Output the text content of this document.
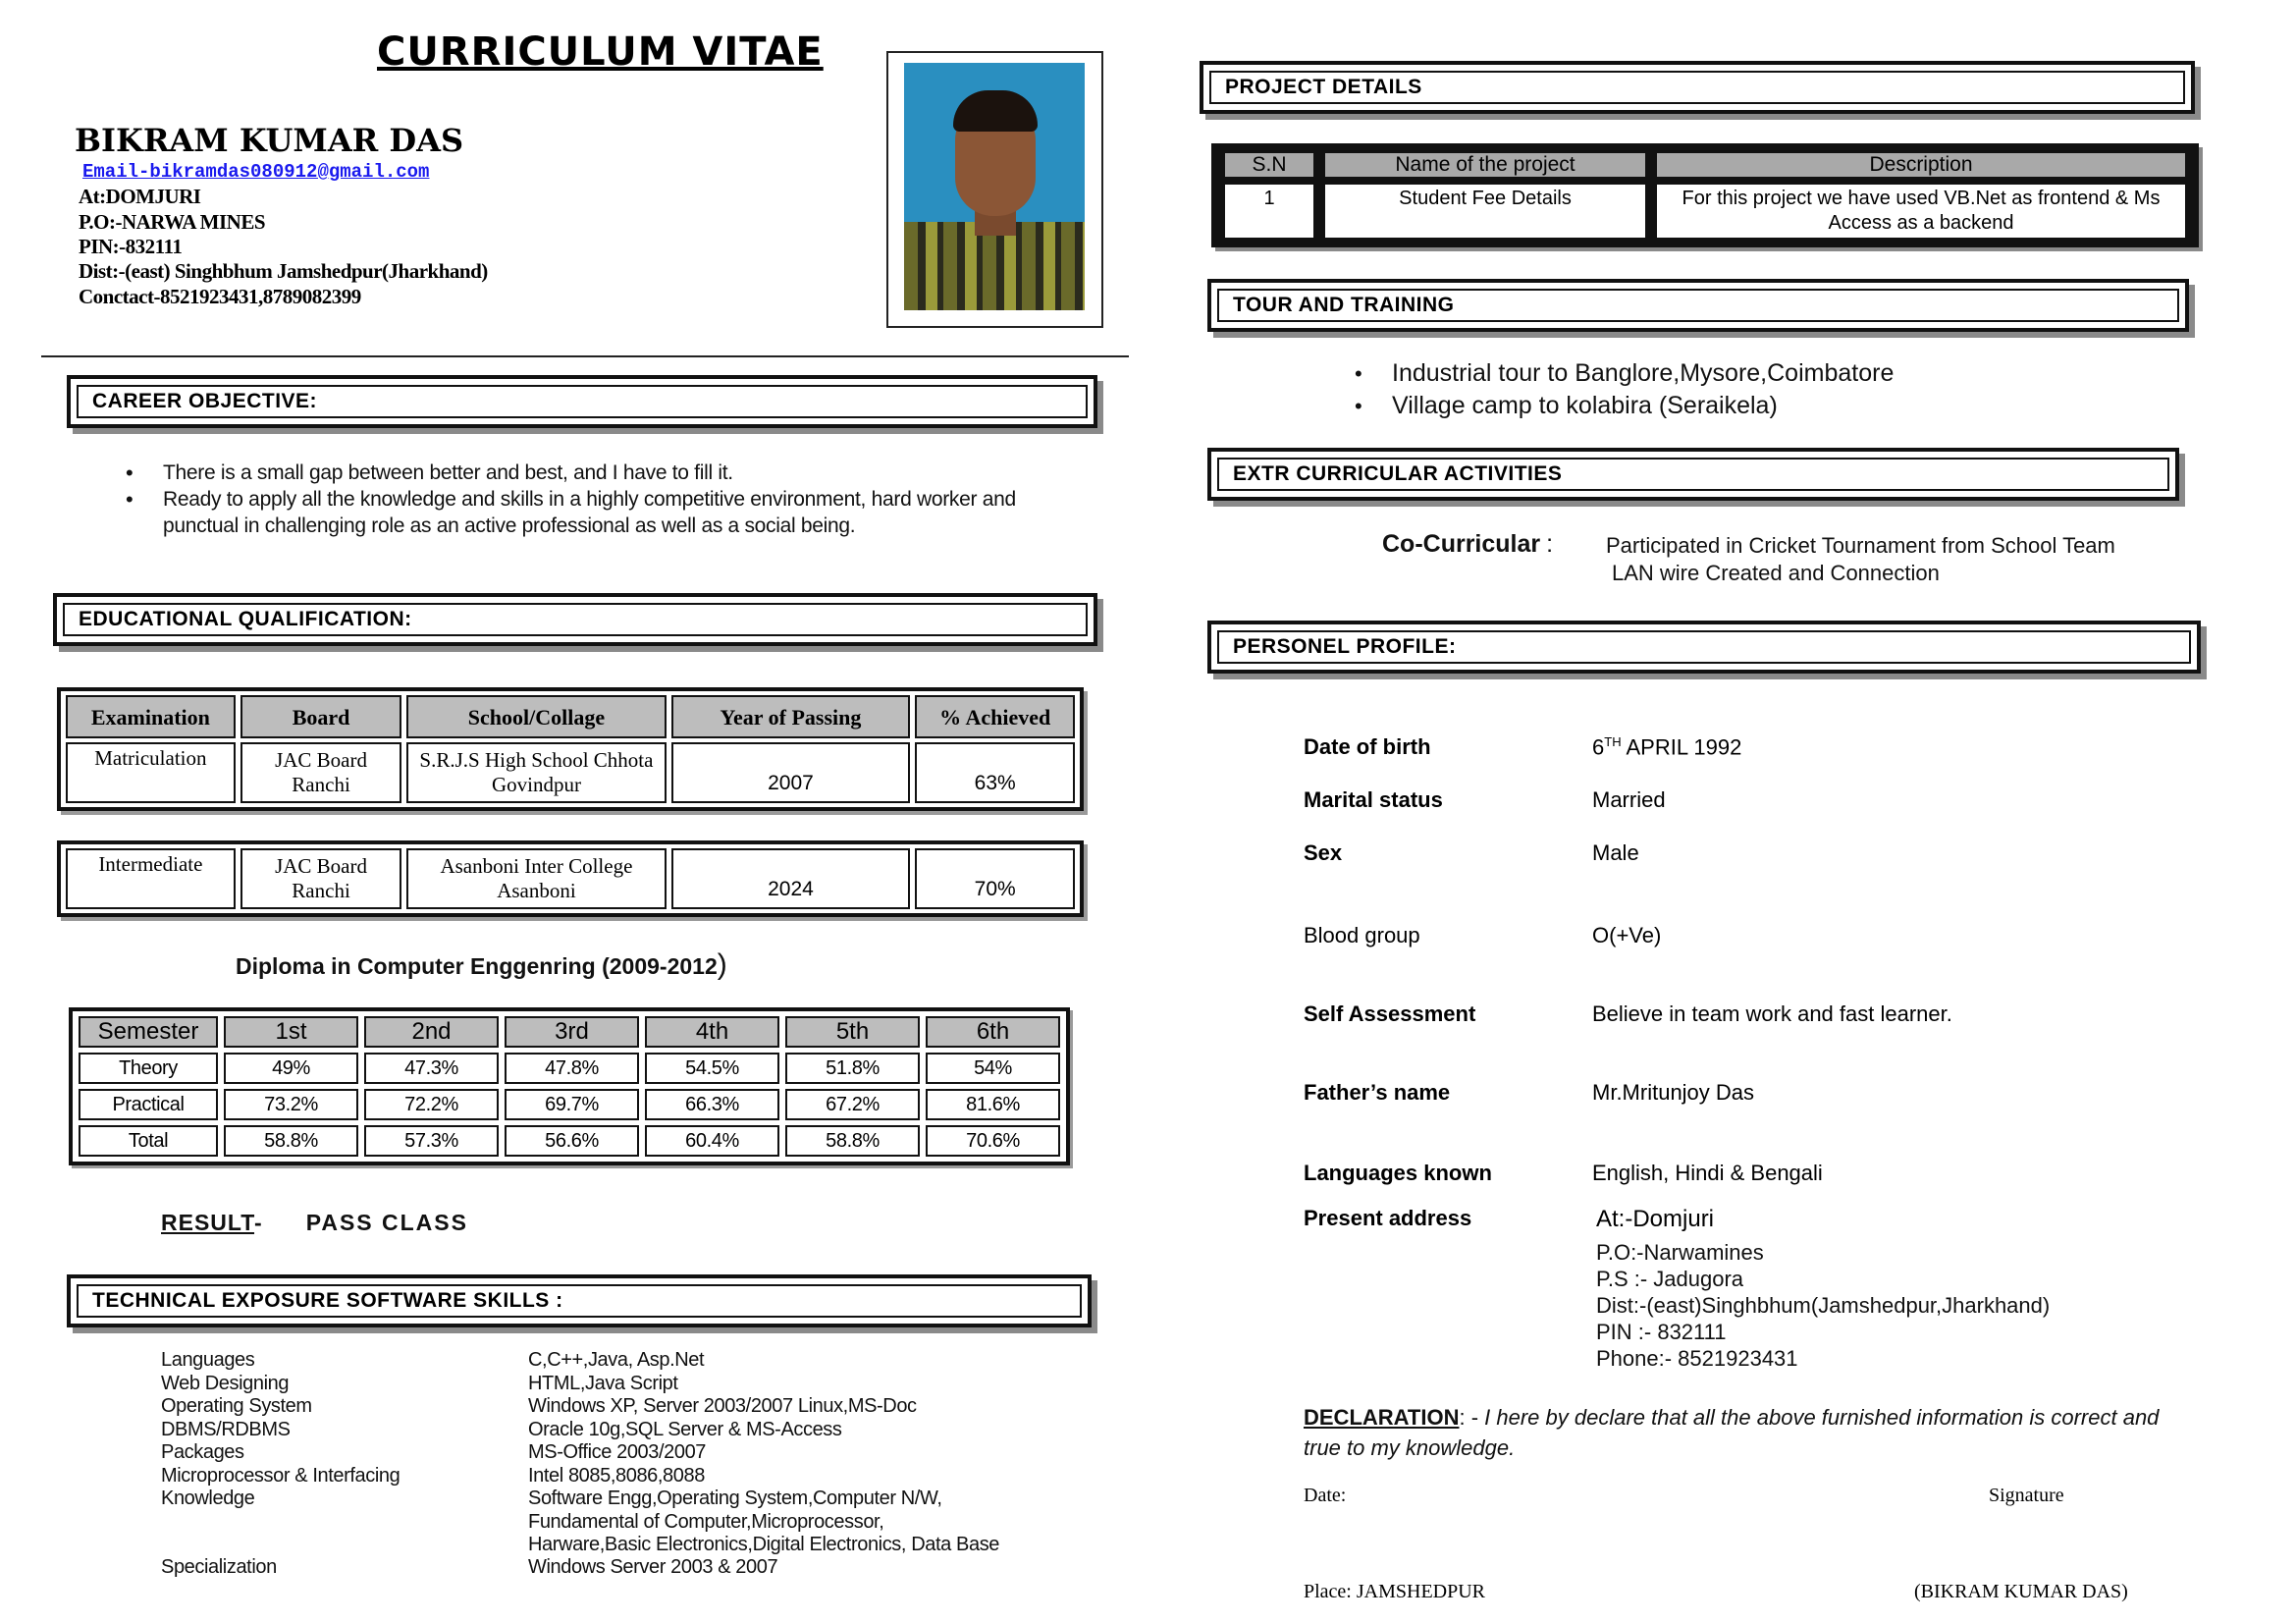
CURRICULUM VITAE
BIKRAM KUMAR DAS
Email-bikramdas080912@gmail.com
At:DOMJURI
P.O:-NARWA MINES
PIN:-832111
Dist:-(east) Singhbhum Jamshedpur(Jharkhand)
Conctact-8521923431,8789082399
CAREER OBJECTIVE:
• There is a small gap between better and best, and I have to fill it.
• Ready to apply all the knowledge and skills in a highly competitive environment, hard worker and punctual in challenging role as an active professional as well as a social being.
EDUCATIONAL QUALIFICATION:
Examination	Board	School/Collage	Year of Passing	% Achieved
Matriculation	JAC Board Ranchi	S.R.J.S High School Chhota Govindpur	2007	63%
Intermediate	JAC Board Ranchi	Asanboni Inter College Asanboni	2024	70%
Diploma in Computer Enggenring (2009-2012)
Semester	1st	2nd	3rd	4th	5th	6th
Theory	49%	47.3%	47.8%	54.5%	51.8%	54%
Practical	73.2%	72.2%	69.7%	66.3%	67.2%	81.6%
Total	58.8%	57.3%	56.6%	60.4%	58.8%	70.6%
RESULT- PASS CLASS
TECHNICAL EXPOSURE SOFTWARE SKILLS :
Languages	C,C++,Java, Asp.Net
Web Designing	HTML,Java Script
Operating System	Windows XP, Server 2003/2007 Linux,MS-Doc
DBMS/RDBMS	Oracle 10g,SQL Server & MS-Access
Packages	MS-Office 2003/2007
Microprocessor & Interfacing	Intel 8085,8086,8088
Knowledge	Software Engg,Operating System,Computer N/W, Fundamental of Computer,Microprocessor, Harware,Basic Electronics,Digital Electronics, Data Base
Specialization	Windows Server 2003 & 2007
PROJECT DETAILS
S.N	Name of the project	Description
1	Student Fee Details	For this project we have used VB.Net as frontend & Ms Access as a backend
TOUR AND TRAINING
• Industrial tour to Banglore,Mysore,Coimbatore
• Village camp to kolabira (Seraikela)
EXTR CURRICULAR ACTIVITIES
Co-Curricular : Participated in Cricket Tournament from School Team
LAN wire Created and Connection
PERSONEL PROFILE:
Date of birth	6TH APRIL 1992
Marital status	Married
Sex	Male
Blood group	O(+Ve)
Self Assessment	Believe in team work and fast learner.
Father’s name	Mr.Mritunjoy Das
Languages known	English, Hindi & Bengali
Present address	At:-Domjuri
P.O:-Narwamines
P.S :- Jadugora
Dist:-(east)Singhbhum(Jamshedpur,Jharkhand)
PIN :- 832111
Phone:- 8521923431
DECLARATION: - I here by declare that all the above furnished information is correct and true to my knowledge.
Date:	Signature
Place: JAMSHEDPUR	(BIKRAM KUMAR DAS)
